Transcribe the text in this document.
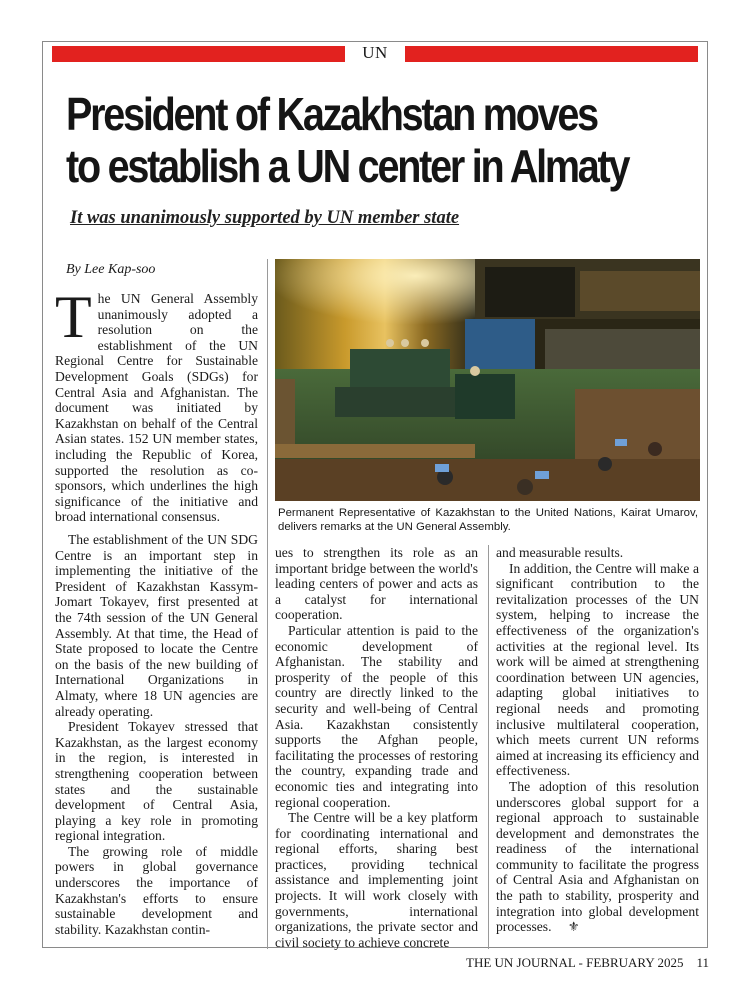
UN
President of Kazakhstan moves
to establish a UN center in Almaty
It was unanimously supported by UN member state
By Lee Kap-soo

The UN General Assembly unanimously adopted a resolution on the establishment of the UN Regional Centre for Sustainable Development Goals (SDGs) for Central Asia and Afghanistan. The document was initiated by Kazakhstan on behalf of the Central Asian states. 152 UN member states, including the Republic of Korea, supported the resolution as co-sponsors, which underlines the high significance of the initiative and broad international consensus.

The establishment of the UN SDG Centre is an important step in implementing the initiative of the President of Kazakhstan Kassym-Jomart Tokayev, first presented at the 74th session of the UN General Assembly. At that time, the Head of State proposed to locate the Centre on the basis of the new building of International Organizations in Almaty, where 18 UN agencies are already operating.

President Tokayev stressed that Kazakhstan, as the largest economy in the region, is interested in strengthening cooperation between states and the sustainable development of Central Asia, playing a key role in promoting regional integration.

The growing role of middle powers in global governance underscores the importance of Kazakhstan's efforts to ensure sustainable development and stability. Kazakhstan contin-

Permanent Representative of Kazakhstan to the United Nations, Kairat Umarov, delivers remarks at the UN General Assembly.

ues to strengthen its role as an important bridge between the world's leading centers of power and acts as a catalyst for international cooperation.

Particular attention is paid to the economic development of Afghanistan. The stability and prosperity of the people of this country are directly linked to the security and well-being of Central Asia. Kazakhstan consistently supports the Afghan people, facilitating the processes of restoring the country, expanding trade and economic ties and integrating into regional cooperation.

The Centre will be a key platform for coordinating international and regional efforts, sharing best practices, providing technical assistance and implementing joint projects. It will work closely with governments, international organizations, the private sector and civil society to achieve concrete

and measurable results.

In addition, the Centre will make a significant contribution to the revitalization processes of the UN system, helping to increase the effectiveness of the organization's activities at the regional level. Its work will be aimed at strengthening coordination between UN agencies, adapting global initiatives to regional needs and promoting inclusive multilateral cooperation, which meets current UN reforms aimed at increasing its efficiency and effectiveness.

The adoption of this resolution underscores global support for a regional approach to sustainable development and demonstrates the readiness of the international community to facilitate the progress of Central Asia and Afghanistan on the path to stability, prosperity and integration into global development processes. ⚜

THE UN JOURNAL - FEBRUARY 2025 11
